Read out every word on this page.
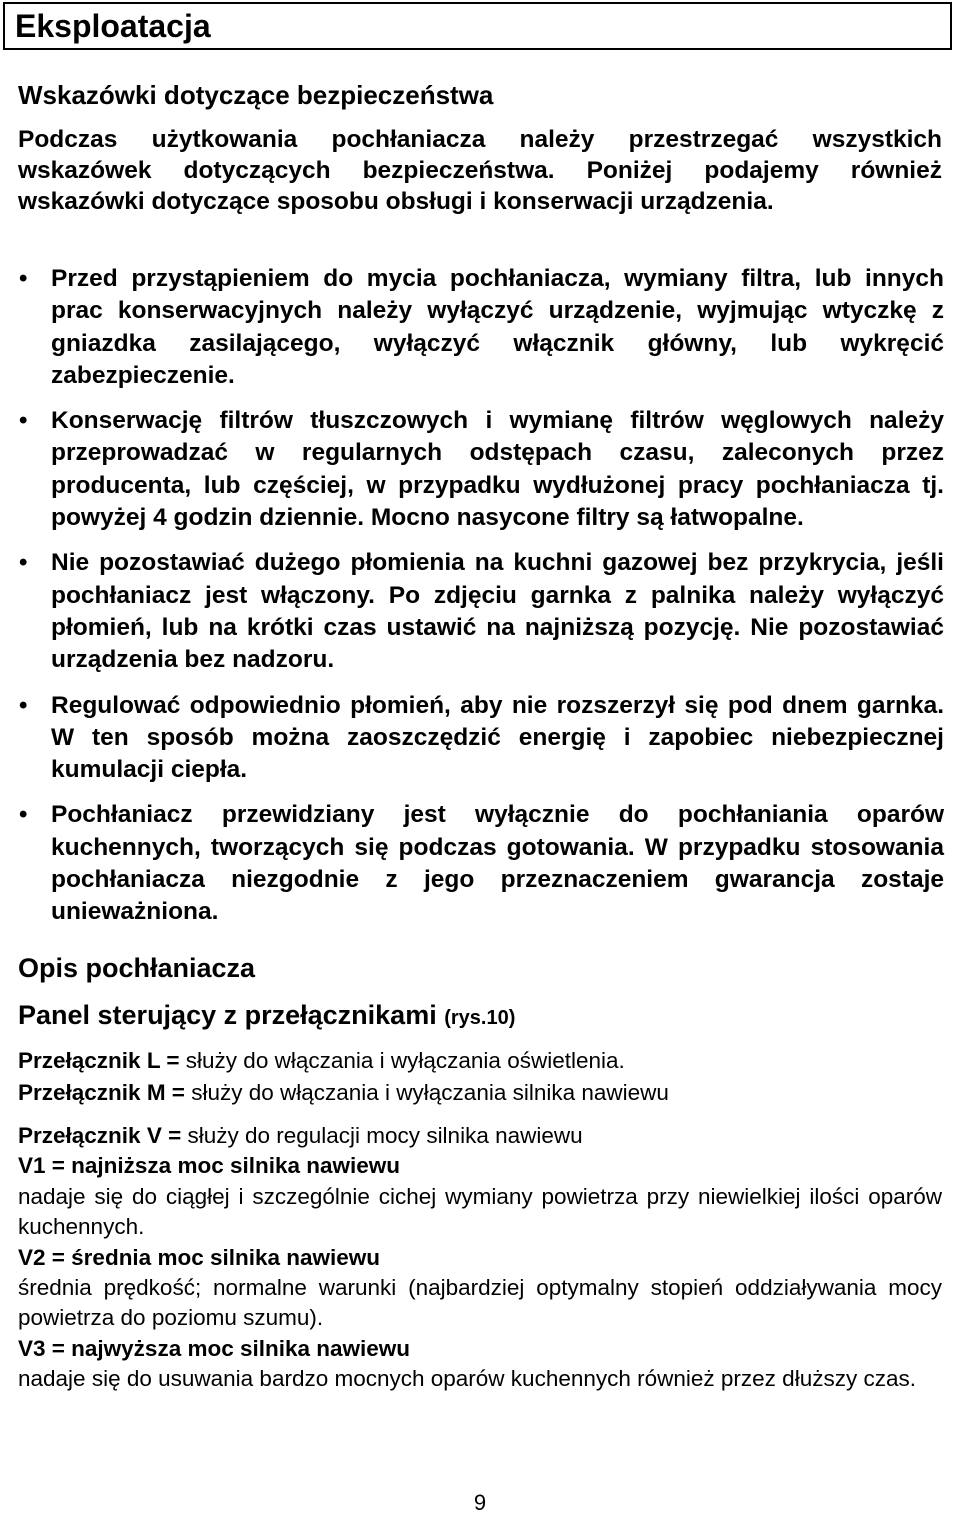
Eksploatacja
Wskazówki dotyczące bezpieczeństwa

Podczas użytkowania pochłaniacza należy przestrzegać wszystkich wskazówek dotyczących bezpieczeństwa. Poniżej podajemy również wskazówki dotyczące sposobu obsługi i konserwacji urządzenia.

• Przed przystąpieniem do mycia pochłaniacza, wymiany filtra, lub innych prac konserwacyjnych należy wyłączyć urządzenie, wyjmując wtyczkę z gniazdka zasilającego, wyłączyć włącznik główny, lub wykręcić zabezpieczenie.
• Konserwację filtrów tłuszczowych i wymianę filtrów węglowych należy przeprowadzać w regularnych odstępach czasu, zaleconych przez producenta, lub częściej, w przypadku wydłużonej pracy pochłaniacza tj. powyżej 4 godzin dziennie. Mocno nasycone filtry są łatwopalne.
• Nie pozostawiać dużego płomienia na kuchni gazowej bez przykrycia, jeśli pochłaniacz jest włączony. Po zdjęciu garnka z palnika należy wyłączyć płomień, lub na krótki czas ustawić na najniższą pozycję. Nie pozostawiać urządzenia bez nadzoru.
• Regulować odpowiednio płomień, aby nie rozszerzył się pod dnem garnka. W ten sposób można zaoszczędzić energię i zapobiec niebezpiecznej kumulacji ciepła.
• Pochłaniacz przewidziany jest wyłącznie do pochłaniania oparów kuchennych, tworzących się podczas gotowania. W przypadku stosowania pochłaniacza niezgodnie z jego przeznaczeniem gwarancja zostaje unieważniona.
Opis pochłaniacza
Panel sterujący z przełącznikami (rys.10)

Przełącznik L = służy do włączania i wyłączania oświetlenia.

Przełącznik M = służy do włączania i wyłączania silnika nawiewu

Przełącznik V = służy do regulacji mocy silnika nawiewu
V1 = najniższa moc silnika nawiewu
nadaje się do ciągłej i szczególnie cichej wymiany powietrza przy niewielkiej ilości oparów kuchennych.
V2 = średnia moc silnika nawiewu
średnia prędkość; normalne warunki (najbardziej optymalny stopień oddziaływania mocy powietrza do poziomu szumu).
V3 = najwyższa moc silnika nawiewu
nadaje się do usuwania bardzo mocnych oparów kuchennych również przez dłuższy czas.
9
